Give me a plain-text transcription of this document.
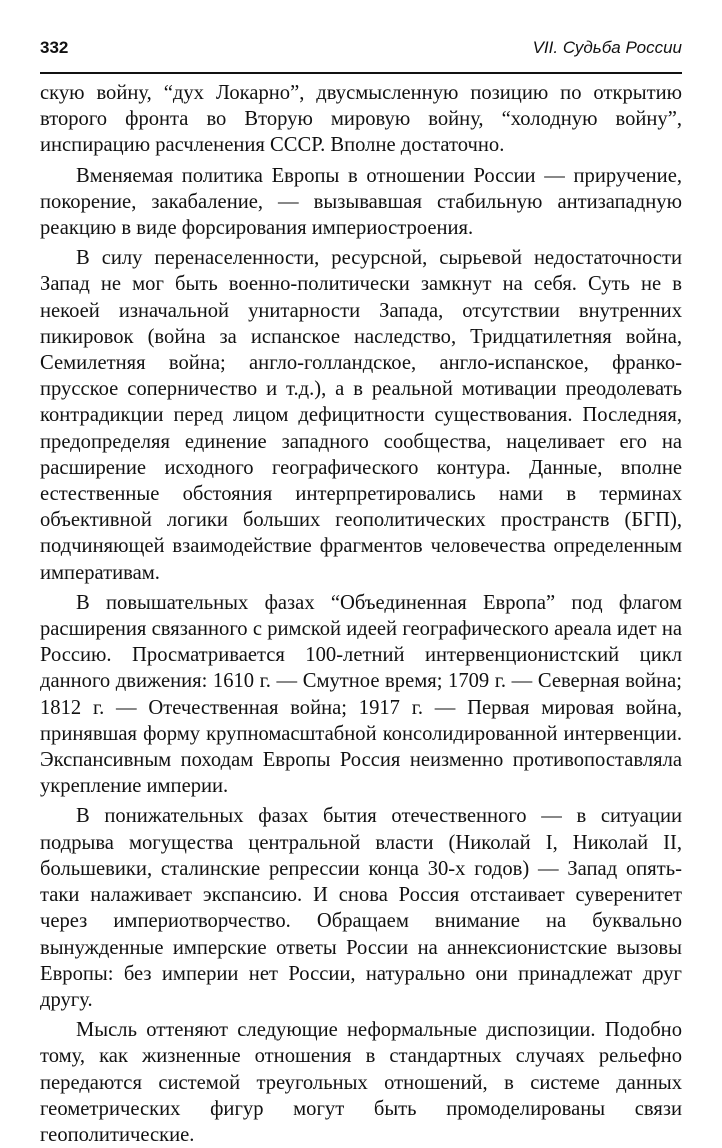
332	VII. Судьба России

скую войну, “дух Локарно”, двусмысленную позицию по открытию второго фронта во Вторую мировую войну, “холодную войну”, инспирацию расчленения СССР. Вполне достаточно.

Вменяемая политика Европы в отношении России — приручение, покорение, закабаление, — вызывавшая стабильную антизападную реакцию в виде форсирования империостроения.

В силу перенаселенности, ресурсной, сырьевой недостаточности Запад не мог быть военно-политически замкнут на себя. Суть не в некоей изначальной унитарности Запада, отсутствии внутренних пикировок (война за испанское наследство, Тридцатилетняя война, Семилетняя война; англо-голландское, англо-испанское, франко-прусское соперничество и т.д.), а в реальной мотивации преодолевать контрадикции перед лицом дефицитности существования. Последняя, предопределяя единение западного сообщества, нацеливает его на расширение исходного географического контура. Данные, вполне естественные обстояния интерпретировались нами в терминах объективной логики больших геополитических пространств (БГП), подчиняющей взаимодействие фрагментов человечества определенным императивам.

В повышательных фазах “Объединенная Европа” под флагом расширения связанного с римской идеей географического ареала идет на Россию. Просматривается 100-летний интервенционистский цикл данного движения: 1610 г. — Смутное время; 1709 г. — Северная война; 1812 г. — Отечественная война; 1917 г. — Первая мировая война, принявшая форму крупномасштабной консолидированной интервенции. Экспансивным походам Европы Россия неизменно противопоставляла укрепление империи.

В понижательных фазах бытия отечественного — в ситуации подрыва могущества центральной власти (Николай I, Николай II, большевики, сталинские репрессии конца 30-х годов) — Запад опять-таки налаживает экспансию. И снова Россия отстаивает суверенитет через империотворчество. Обращаем внимание на буквально вынужденные имперские ответы России на аннексионистские вызовы Европы: без империи нет России, натурально они принадлежат друг другу.

Мысль оттеняют следующие неформальные диспозиции. Подобно тому, как жизненные отношения в стандартных случаях рельефно передаются системой треугольных отношений, в системе данных геометрических фигур могут быть промоделированы связи геополитические.
